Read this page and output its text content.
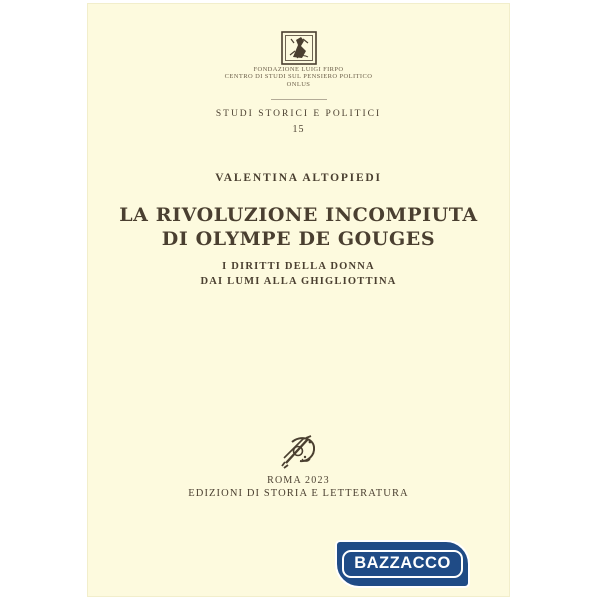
FONDAZIONE LUIGI FIRPO
CENTRO DI STUDI SUL PENSIERO POLITICO
ONLUS
STUDI STORICI E POLITICI
15
VALENTINA ALTOPIEDI
LA RIVOLUZIONE INCOMPIUTA
DI OLYMPE DE GOUGES
I DIRITTI DELLA DONNA
DAI LUMI ALLA GHIGLIOTTINA
ROMA 2023
EDIZIONI DI STORIA E LETTERATURA
BAZZACCO
